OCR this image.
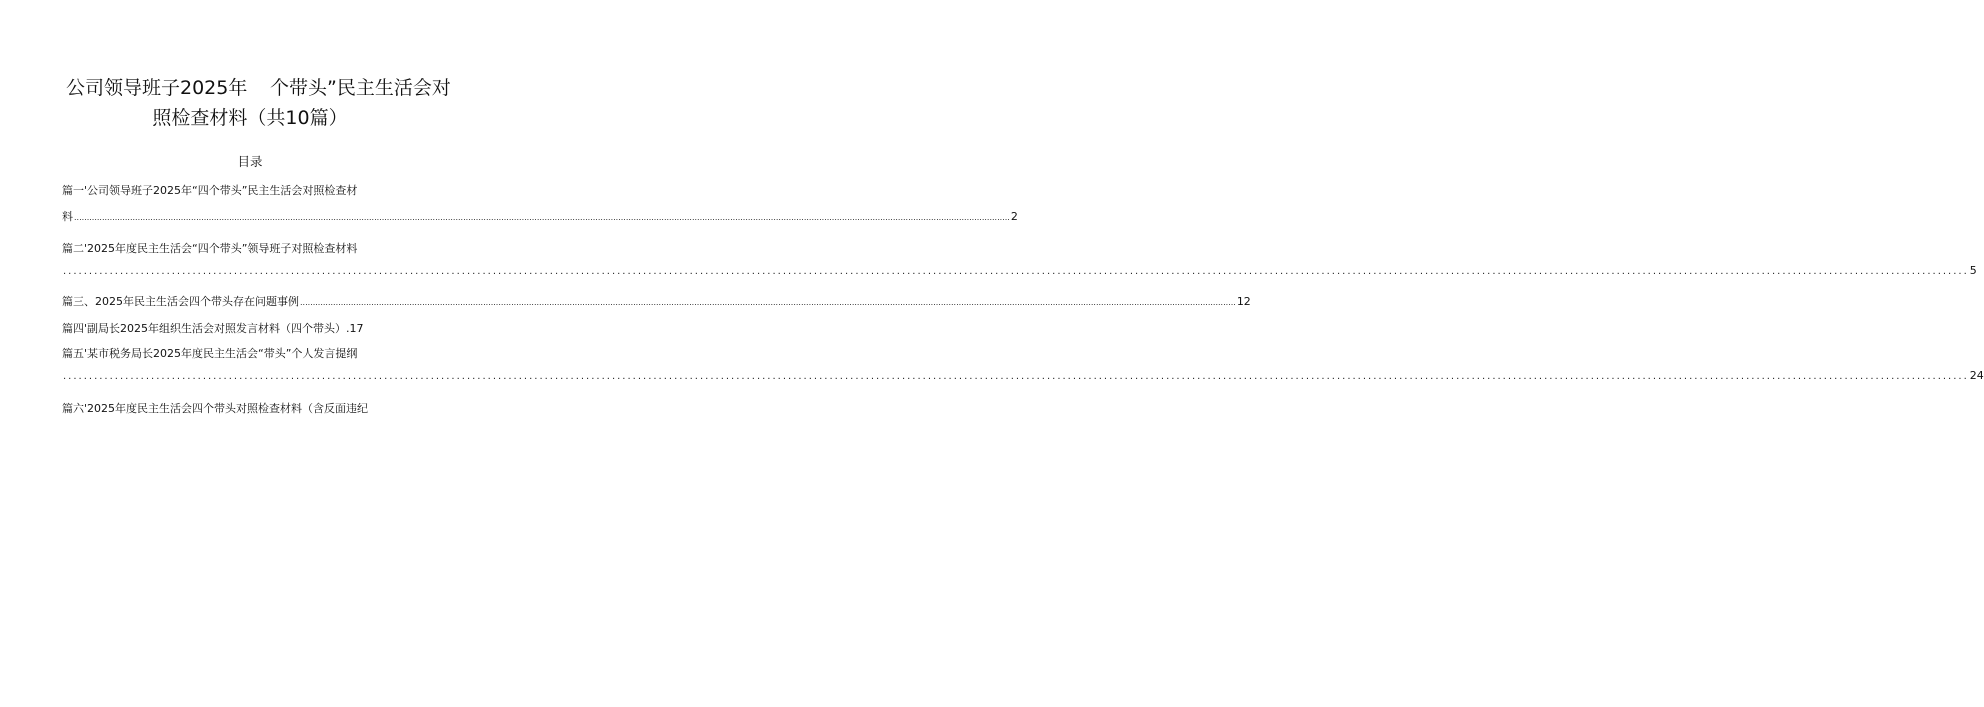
公司领导班子2025年 个带头”民主生活会对
照检查材料（共10篇）
目录
篇一'公司领导班子2025年“四个带头”民主生活会对照检查材
料 ................................................................................................................................................................................................................................................................................................................................................................................ 2
篇二'2025年度民主生活会“四个带头”领导班子对照检查材料
................................................................................................................................................................................................................................................................................................................................................................................ 5
篇三、2025年民主生活会四个带头存在问题事例 ................................................................................................................................................................................................................................................................................................................................................................................ 12
篇四'副局长2025年组织生活会对照发言材料（四个带头）. 17
篇五'某市税务局长2025年度民主生活会“带头”个人发言提纲
................................................................................................................................................................................................................................................................................................................................................................................ 24
篇六'2025年度民主生活会四个带头对照检查材料（含反面违纪
